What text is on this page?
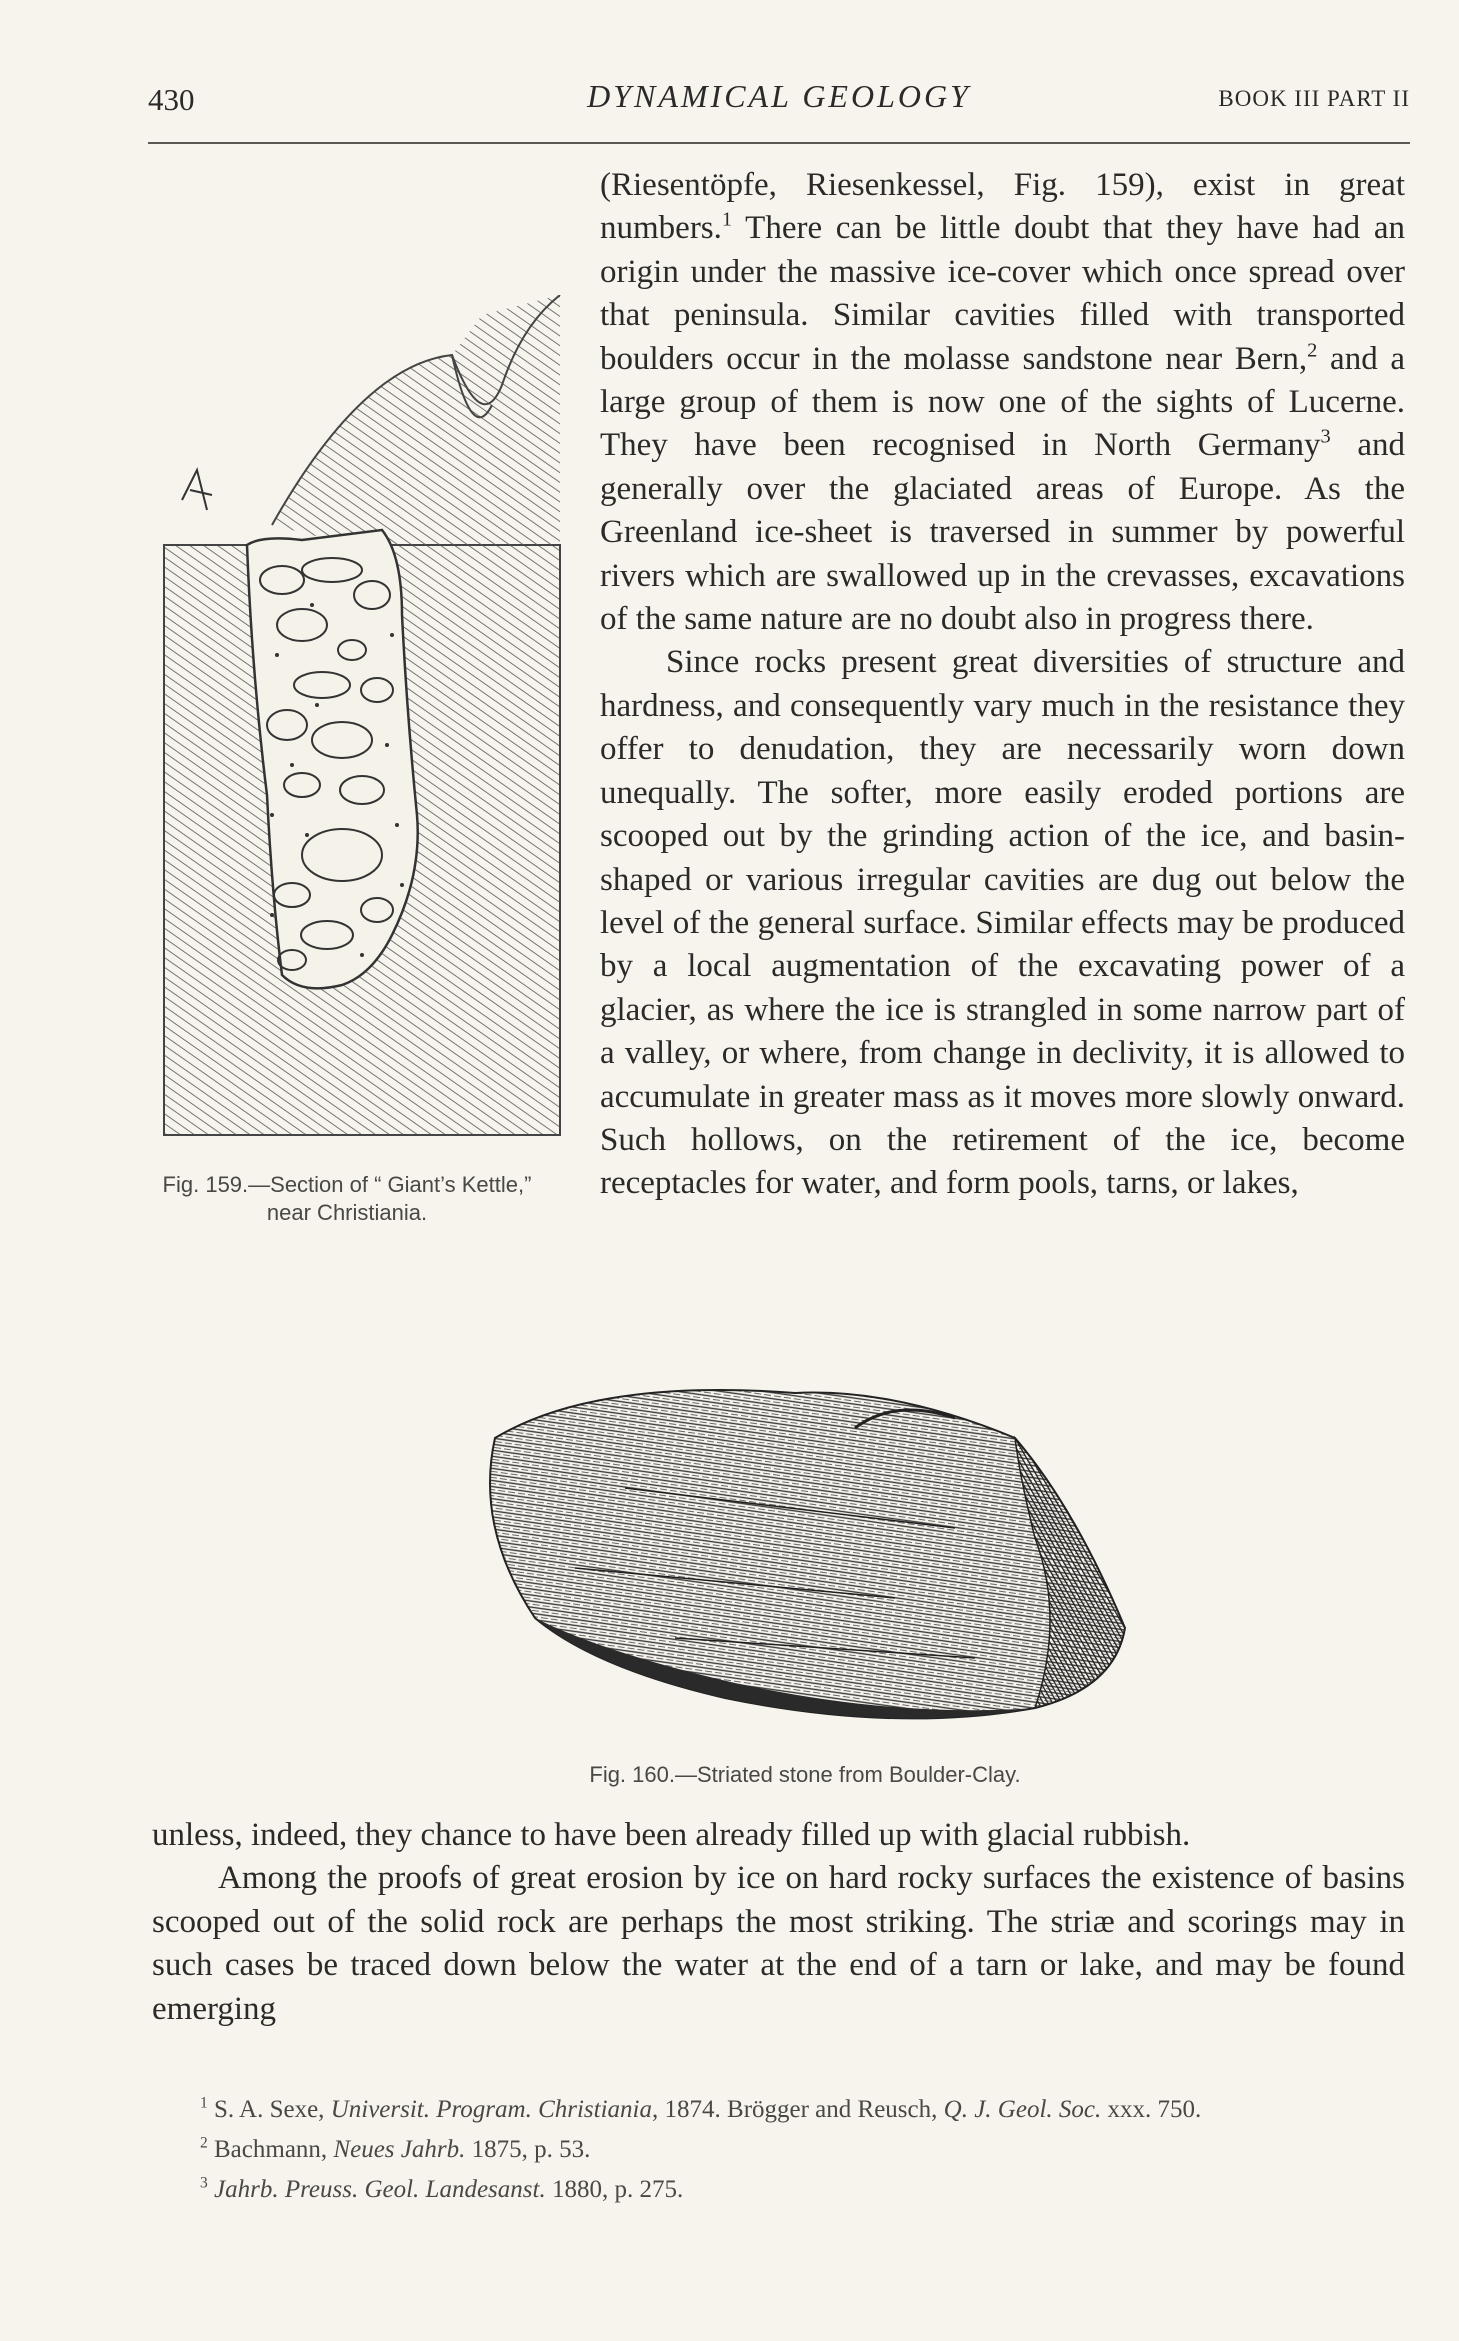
430	DYNAMICAL GEOLOGY	BOOK III PART II
Fig. 159.—Section of “ Giant’s Kettle,” near Christiania.

(Riesentöpfe, Riesenkessel, Fig. 159), exist in great numbers.$^1$ There can be little doubt that they have had an origin under the massive ice-cover which once spread over that peninsula. Similar cavities filled with transported boulders occur in the molasse sandstone near Bern,$^2$ and a large group of them is now one of the sights of Lucerne. They have been recognised in North Germany$^3$ and generally over the glaciated areas of Europe. As the Greenland ice-sheet is traversed in summer by powerful rivers which are swallowed up in the crevasses, excavations of the same nature are no doubt also in progress there.

Since rocks present great diversities of structure and hardness, and consequently vary much in the resistance they offer to denudation, they are necessarily worn down unequally. The softer, more easily eroded portions are scooped out by the grinding action of the ice, and basin-shaped or various irregular cavities are dug out below the level of the general surface. Similar effects may be produced by a local augmentation of the excavating power of a glacier, as where the ice is strangled in some narrow part of a valley, or where, from change in declivity, it is allowed to accumulate in greater mass as it moves more slowly onward. Such hollows, on the retirement of the ice, become receptacles for water, and form pools, tarns, or lakes,

Fig. 160.—Striated stone from Boulder-Clay.

unless, indeed, they chance to have been already filled up with glacial rubbish.

Among the proofs of great erosion by ice on hard rocky surfaces the existence of basins scooped out of the solid rock are perhaps the most striking. The striæ and scorings may in such cases be traced down below the water at the end of a tarn or lake, and may be found emerging

$^1$ S. A. Sexe, Universit. Program. Christiania, 1874. Brögger and Reusch, Q. J. Geol. Soc. xxx. 750.

$^2$ Bachmann, Neues Jahrb. 1875, p. 53.

$^3$ Jahrb. Preuss. Geol. Landesanst. 1880, p. 275.
